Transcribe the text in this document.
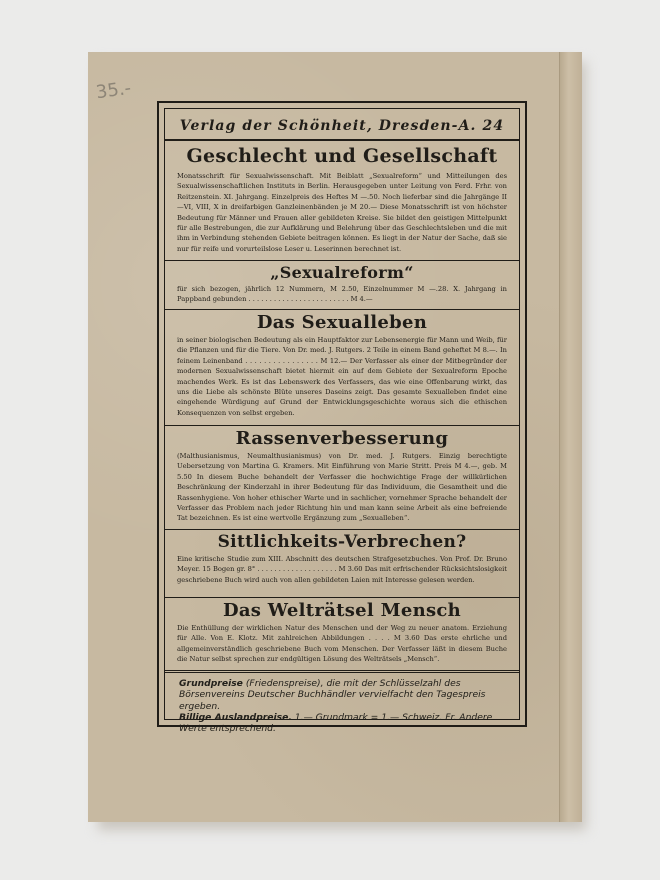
35.-
Verlag der Schönheit, Dresden-A. 24
Geschlecht und Gesellschaft
Monatsschrift für Sexualwissenschaft. Mit Beiblatt „Sexualreform“ und Mitteilungen des Sexualwissenschaftlichen Instituts in Berlin. Herausgegeben unter Leitung von Ferd. Frhr. von Reitzenstein. XI. Jahrgang. Einzelpreis des Heftes M —.50. Noch lieferbar sind die Jahrgänge II—VI, VIII, X in dreifarbigen Ganzleinenbänden je M 20.— Diese Monatsschrift ist von höchster Bedeutung für Männer und Frauen aller gebildeten Kreise. Sie bildet den geistigen Mittelpunkt für alle Bestrebungen, die zur Aufklärung und Belehrung über das Geschlechtsleben und die mit ihm in Verbindung stehenden Gebiete beitragen können. Es liegt in der Natur der Sache, daß sie nur für reife und vorurteilslose Leser u. Leserinnen berechnet ist.
„Sexualreform“
für sich bezogen, jährlich 12 Nummern, M 2.50, Einzelnummer M —.28. X. Jahrgang in Pappband gebunden . . . . . . . . . . . . . . . . . . . . . . . . M 4.—
Das Sexualleben
in seiner biologischen Bedeutung als ein Hauptfaktor zur Lebensenergie für Mann und Weib, für die Pflanzen und für die Tiere. Von Dr. med. J. Rutgers. 2 Teile in einem Band geheftet M 8.—. In feinem Leinenband . . . . . . . . . . . . . . . . M 12.— Der Verfasser als einer der Mitbegründer der modernen Sexualwissenschaft bietet hiermit ein auf dem Gebiete der Sexualreform Epoche machendes Werk. Es ist das Lebenswerk des Verfassers, das wie eine Offenbarung wirkt, das uns die Liebe als schönste Blüte unseres Daseins zeigt. Das gesamte Sexualleben findet eine eingehende Würdigung auf Grund der Entwicklungsgeschichte woraus sich die ethischen Konsequenzen von selbst ergeben.
Rassenverbesserung
(Malthusianismus, Neumalthusianismus) von Dr. med. J. Rutgers. Einzig berechtigte Uebersetzung von Martina G. Kramers. Mit Einführung von Marie Stritt. Preis M 4.—, geb. M 5.50 In diesem Buche behandelt der Verfasser die hochwichtige Frage der willkürlichen Beschränkung der Kinderzahl in ihrer Bedeutung für das Individuum, die Gesamtheit und die Rassenhygiene. Von hoher ethischer Warte und in sachlicher, vornehmer Sprache behandelt der Verfasser das Problem nach jeder Richtung hin und man kann seine Arbeit als eine befreiende Tat bezeichnen. Es ist eine wertvolle Ergänzung zum „Sexualleben“.
Sittlichkeits-Verbrechen?
Eine kritische Studie zum XIII. Abschnitt des deutschen Strafgesetzbuches. Von Prof. Dr. Bruno Meyer. 15 Bogen gr. 8° . . . . . . . . . . . . . . . . . . . M 3.60 Das mit erfrischender Rücksichtslosigkeit geschriebene Buch wird auch von allen gebildeten Laien mit Interesse gelesen werden.
Das Welträtsel Mensch
Die Enthüllung der wirklichen Natur des Menschen und der Weg zu neuer anatom. Erziehung für Alle. Von E. Klotz. Mit zahlreichen Abbildungen . . . . M 3.60 Das erste ehrliche und allgemeinverständlich geschriebene Buch vom Menschen. Der Verfasser läßt in diesem Buche die Natur selbst sprechen zur endgültigen Lösung des Welträtsels „Mensch“.
Grundpreise (Friedenspreise), die mit der Schlüsselzahl des Börsenvereins Deutscher Buchhändler vervielfacht den Tagespreis ergeben.
Billige Auslandpreise. 1.— Grundmark = 1.— Schweiz. Fr. Andere Werte entsprechend.
